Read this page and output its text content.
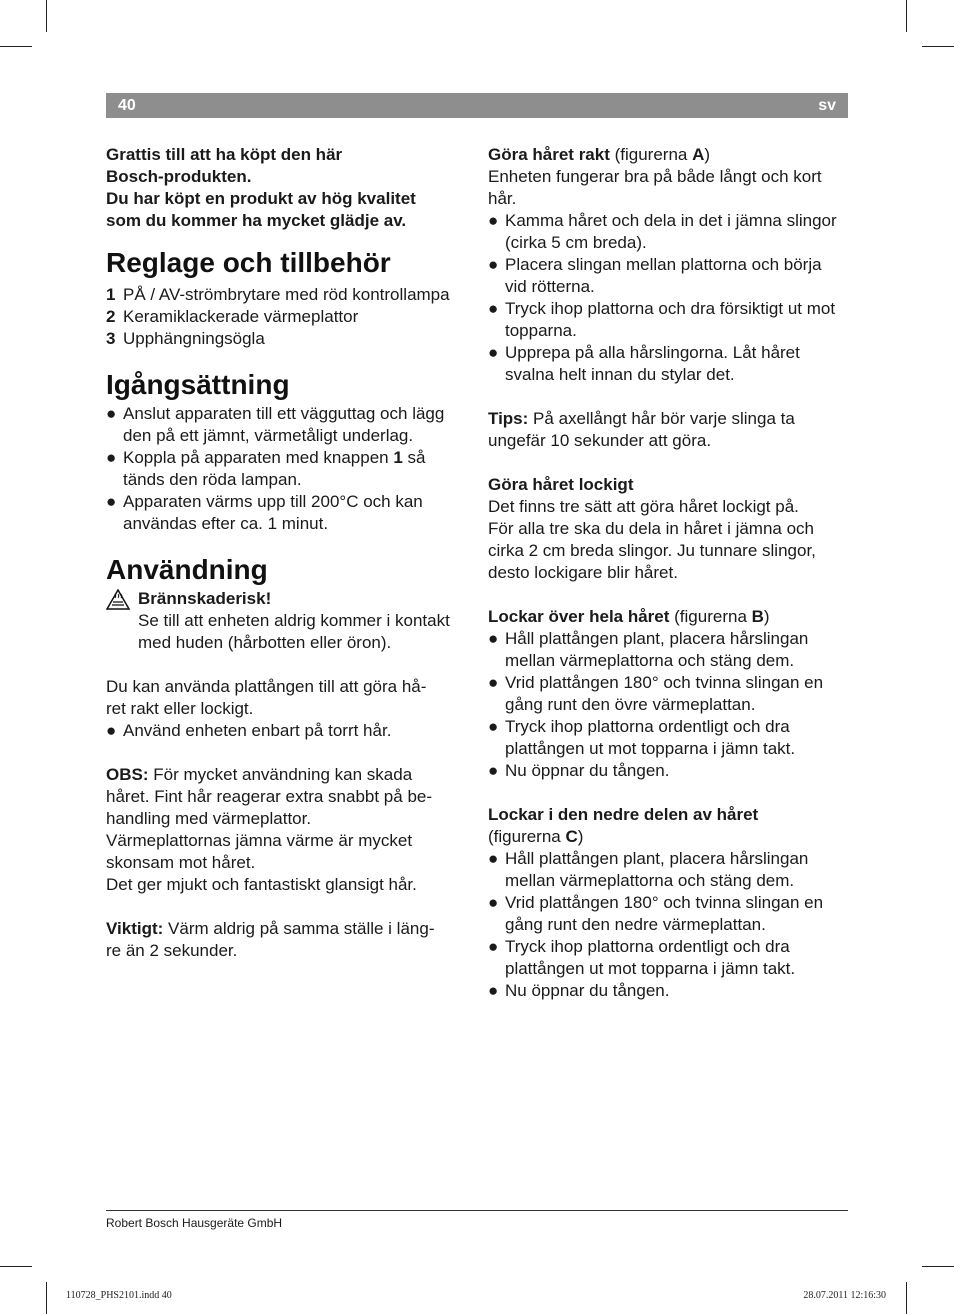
40	sv

Grattis till att ha köpt den här

Bosch-produkten.

Du har köpt en produkt av hög kvalitet

som du kommer ha mycket glädje av.

Reglage och tillbehör
1 PÅ / AV-strömbrytare med röd kontrollampa
2 Keramiklackerade värmeplattor
3 Upphängningsögla
Igångsättning
● Anslut apparaten till ett vägguttag och lägg den på ett jämnt, värmetåligt underlag.
● Koppla på apparaten med knappen 1 så tänds den röda lampan.
● Apparaten värms upp till 200°C och kan användas efter ca. 1 minut.
Användning
Brännskaderisk!
Se till att enheten aldrig kommer i kontakt med huden (hårbotten eller öron).

Du kan använda plattången till att göra hå-

ret rakt eller lockigt.

● Använd enheten enbart på torrt hår.

OBS: För mycket användning kan skada

håret. Fint hår reagerar extra snabbt på be-

handling med värmeplattor.

Värmeplattornas jämna värme är mycket

skonsam mot håret.

Det ger mjukt och fantastiskt glansigt hår.

Viktigt: Värm aldrig på samma ställe i läng-

re än 2 sekunder.

Göra håret rakt (figurerna A)

Enheten fungerar bra på både långt och kort hår.

● Kamma håret och dela in det i jämna slingor (cirka 5 cm breda).
● Placera slingan mellan plattorna och börja vid rötterna.
● Tryck ihop plattorna och dra försiktigt ut mot topparna.
● Upprepa på alla hårslingorna. Låt håret svalna helt innan du stylar det.

Tips: På axellångt hår bör varje slinga ta ungefär 10 sekunder att göra.

Göra håret lockigt

Det finns tre sätt att göra håret lockigt på.

För alla tre ska du dela in håret i jämna och

cirka 2 cm breda slingor. Ju tunnare slingor,

desto lockigare blir håret.

Lockar över hela håret (figurerna B)

● Håll plattången plant, placera hårslingan mellan värmeplattorna och stäng dem.
● Vrid plattången 180° och tvinna slingan en gång runt den övre värmeplattan.
● Tryck ihop plattorna ordentligt och dra plattången ut mot topparna i jämn takt.
● Nu öppnar du tången.

Lockar i den nedre delen av håret

(figurerna C)

● Håll plattången plant, placera hårslingan mellan värmeplattorna och stäng dem.
● Vrid plattången 180° och tvinna slingan en gång runt den nedre värmeplattan.
● Tryck ihop plattorna ordentligt och dra plattången ut mot topparna i jämn takt.
● Nu öppnar du tången.
Robert Bosch Hausgeräte GmbH
110728_PHS2101.indd 40	28.07.2011 12:16:30
